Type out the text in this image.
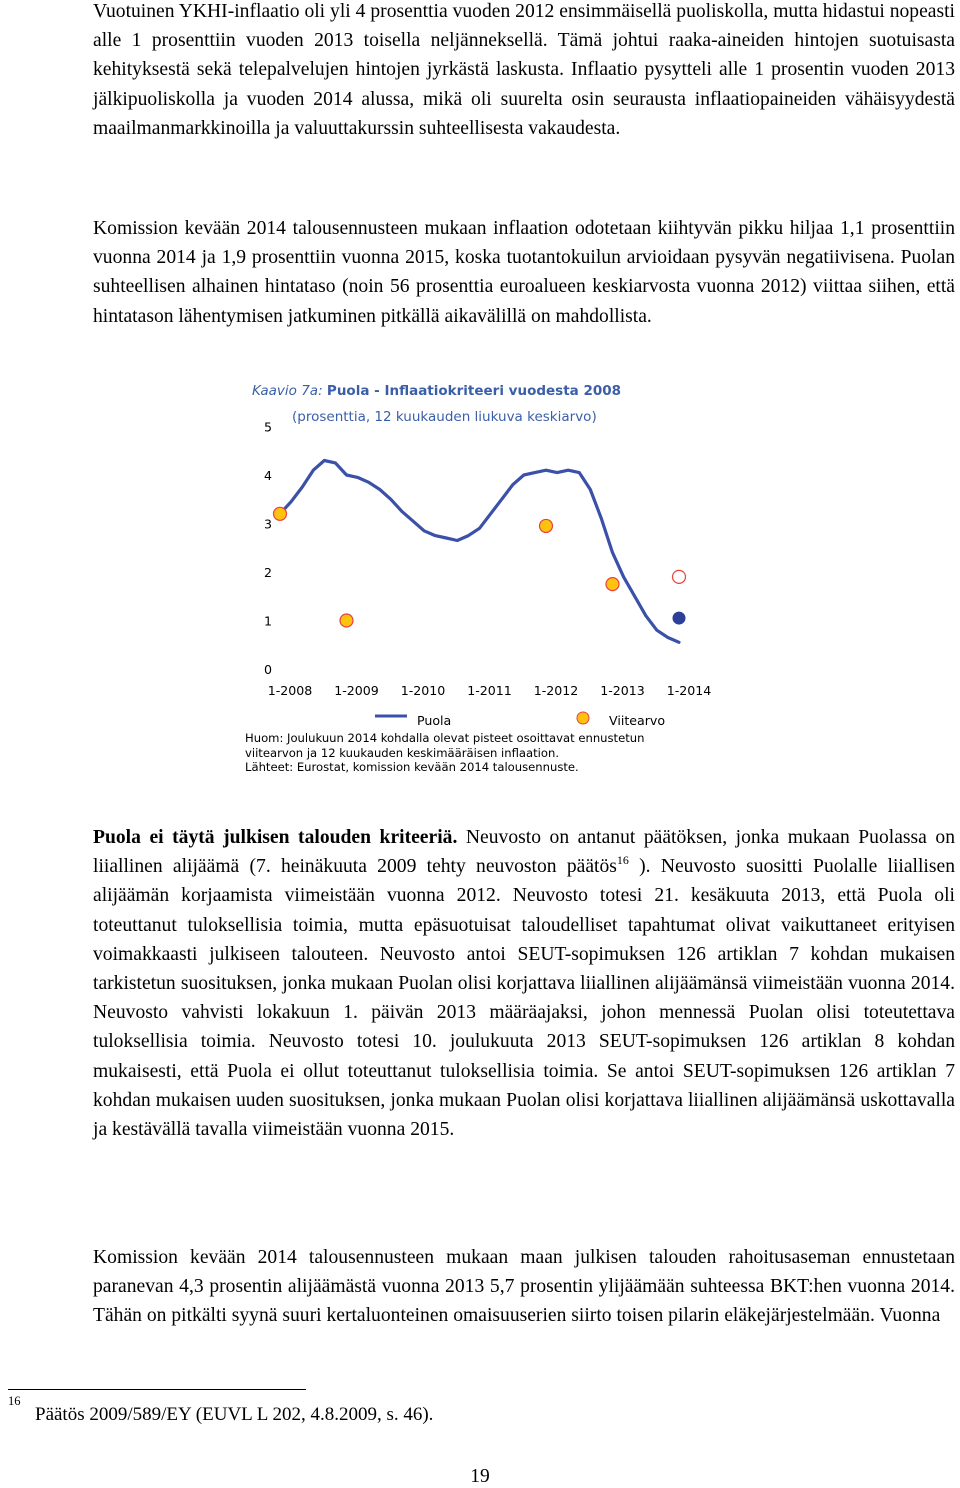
Vuotuinen YKHI-inflaatio oli yli 4 prosenttia vuoden 2012 ensimmäisellä puoliskolla, mutta hidastui nopeasti alle 1 prosenttiin vuoden 2013 toisella neljänneksellä. Tämä johtui raaka-aineiden hintojen suotuisasta kehityksestä sekä telepalvelujen hintojen jyrkästä laskusta. Inflaatio pysytteli alle 1 prosentin vuoden 2013 jälkipuoliskolla ja vuoden 2014 alussa, mikä oli suurelta osin seurausta inflaatiopaineiden vähäisyydestä maailmanmarkkinoilla ja valuuttakurssin suhteellisesta vakaudesta.

Komission kevään 2014 talousennusteen mukaan inflaation odotetaan kiihtyvän pikku hiljaa 1,1 prosenttiin vuonna 2014 ja 1,9 prosenttiin vuonna 2015, koska tuotantokuilun arvioidaan pysyvän negatiivisena. Puolan suhteellisen alhainen hintataso (noin 56 prosenttia euroalueen keskiarvosta vuonna 2012) viittaa siihen, että hintatason lähentymisen jatkuminen pitkällä aikavälillä on mahdollista.

Kaavio 7a: Puola - Inflaatiokriteeri vuodesta 2008
(prosenttia, 12 kuukauden liukuva keskiarvo)
0
1
2
3
4
5
1-2008 1-2009 1-2010 1-2011 1-2012 1-2013 1-2014
Puola	Viitearvo
Huom: Joulukuun 2014 kohdalla olevat pisteet osoittavat ennustetun
viitearvon ja 12 kuukauden keskimääräisen inflaation.
Lähteet: Eurostat, komission kevään 2014 talousennuste.

Puola ei täytä julkisen talouden kriteeriä. Neuvosto on antanut päätöksen, jonka mukaan Puolassa on liiallinen alijäämä (7. heinäkuuta 2009 tehty neuvoston päätös$^{16}$ ). Neuvosto suositti Puolalle liiallisen alijäämän korjaamista viimeistään vuonna 2012. Neuvosto totesi 21. kesäkuuta 2013, että Puola oli toteuttanut tuloksellisia toimia, mutta epäsuotuisat taloudelliset tapahtumat olivat vaikuttaneet erityisen voimakkaasti julkiseen talouteen. Neuvosto antoi SEUT-sopimuksen 126 artiklan 7 kohdan mukaisen tarkistetun suosituksen, jonka mukaan Puolan olisi korjattava liiallinen alijäämänsä viimeistään vuonna 2014. Neuvosto vahvisti lokakuun 1. päivän 2013 määräajaksi, johon mennessä Puolan olisi toteutettava tuloksellisia toimia. Neuvosto totesi 10. joulukuuta 2013 SEUT-sopimuksen 126 artiklan 8 kohdan mukaisesti, että Puola ei ollut toteuttanut tuloksellisia toimia. Se antoi SEUT-sopimuksen 126 artiklan 7 kohdan mukaisen uuden suosituksen, jonka mukaan Puolan olisi korjattava liiallinen alijäämänsä uskottavalla ja kestävällä tavalla viimeistään vuonna 2015.

Komission kevään 2014 talousennusteen mukaan maan julkisen talouden rahoitusaseman ennustetaan paranevan 4,3 prosentin alijäämästä vuonna 2013 5,7 prosentin ylijäämään suhteessa BKT:hen vuonna 2014. Tähän on pitkälti syynä suuri kertaluonteinen omaisuuserien siirto toisen pilarin eläkejärjestelmään. Vuonna

16
Päätös 2009/589/EY (EUVL L 202, 4.8.2009, s. 46).
19
